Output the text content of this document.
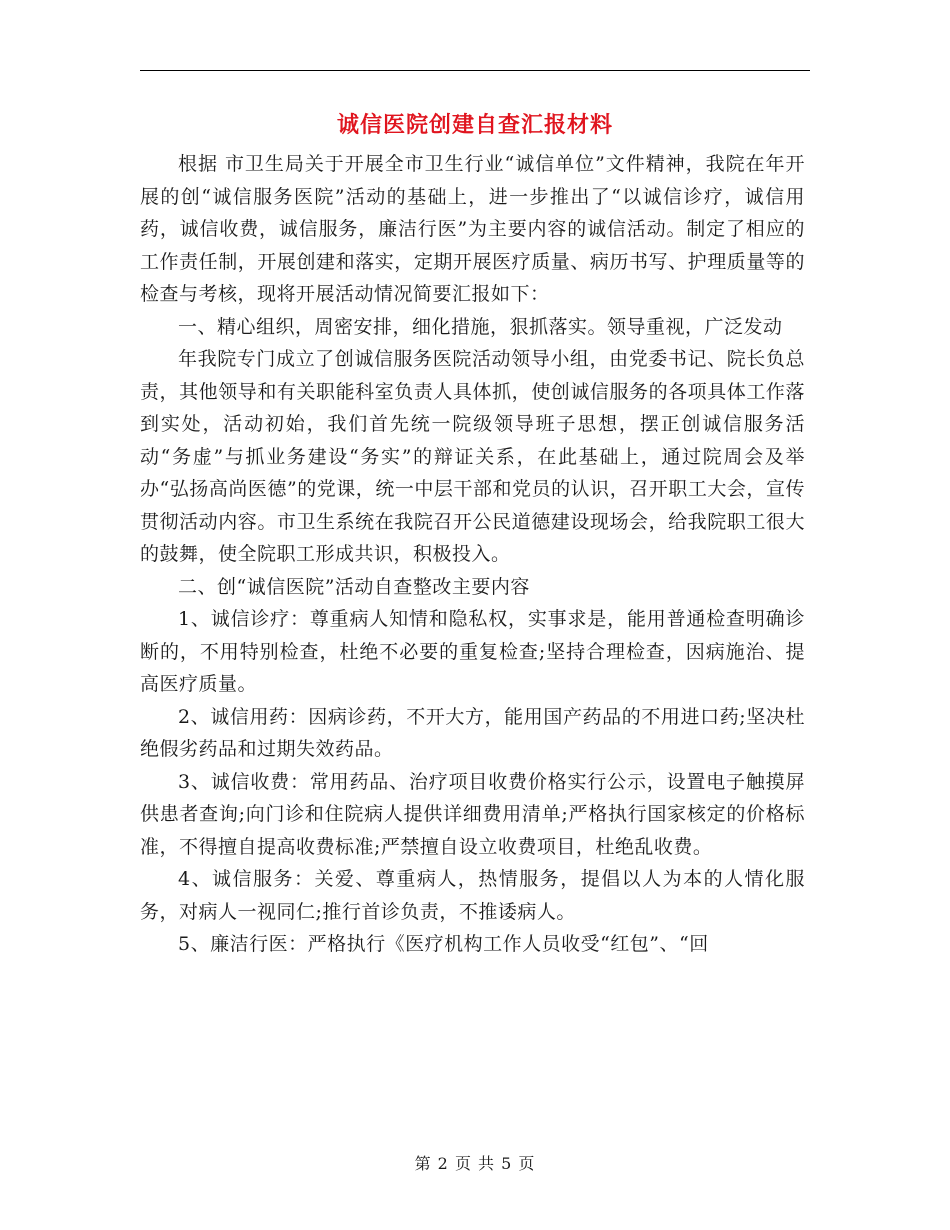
诚信医院创建自查汇报材料

根据 市卫生局关于开展全市卫生行业“诚信单位”文件精神，我院在年开展的创“诚信服务医院”活动的基础上，进一步推出了“以诚信诊疗，诚信用药，诚信收费，诚信服务，廉洁行医”为主要内容的诚信活动。制定了相应的工作责任制，开展创建和落实，定期开展医疗质量、病历书写、护理质量等的检查与考核，现将开展活动情况简要汇报如下：

一、精心组织，周密安排，细化措施，狠抓落实。领导重视，广泛发动

年我院专门成立了创诚信服务医院活动领导小组，由党委书记、院长负总责，其他领导和有关职能科室负责人具体抓，使创诚信服务的各项具体工作落到实处，活动初始，我们首先统一院级领导班子思想，摆正创诚信服务活动“务虚”与抓业务建设“务实”的辩证关系，在此基础上，通过院周会及举办“弘扬高尚医德”的党课，统一中层干部和党员的认识，召开职工大会，宣传贯彻活动内容。市卫生系统在我院召开公民道德建设现场会，给我院职工很大的鼓舞，使全院职工形成共识，积极投入。

二、创“诚信医院”活动自查整改主要内容

1、诚信诊疗：尊重病人知情和隐私权，实事求是，能用普通检查明确诊断的，不用特别检查，杜绝不必要的重复检查;坚持合理检查，因病施治、提高医疗质量。

2、诚信用药：因病诊药，不开大方，能用国产药品的不用进口药;坚决杜绝假劣药品和过期失效药品。

3、诚信收费：常用药品、治疗项目收费价格实行公示，设置电子触摸屏供患者查询;向门诊和住院病人提供详细费用清单;严格执行国家核定的价格标准，不得擅自提高收费标准;严禁擅自设立收费项目，杜绝乱收费。

4、诚信服务：关爱、尊重病人，热情服务，提倡以人为本的人情化服务，对病人一视同仁;推行首诊负责，不推诿病人。

5、廉洁行医：严格执行《医疗机构工作人员收受“红包”、“回

第 2 页 共 5 页
